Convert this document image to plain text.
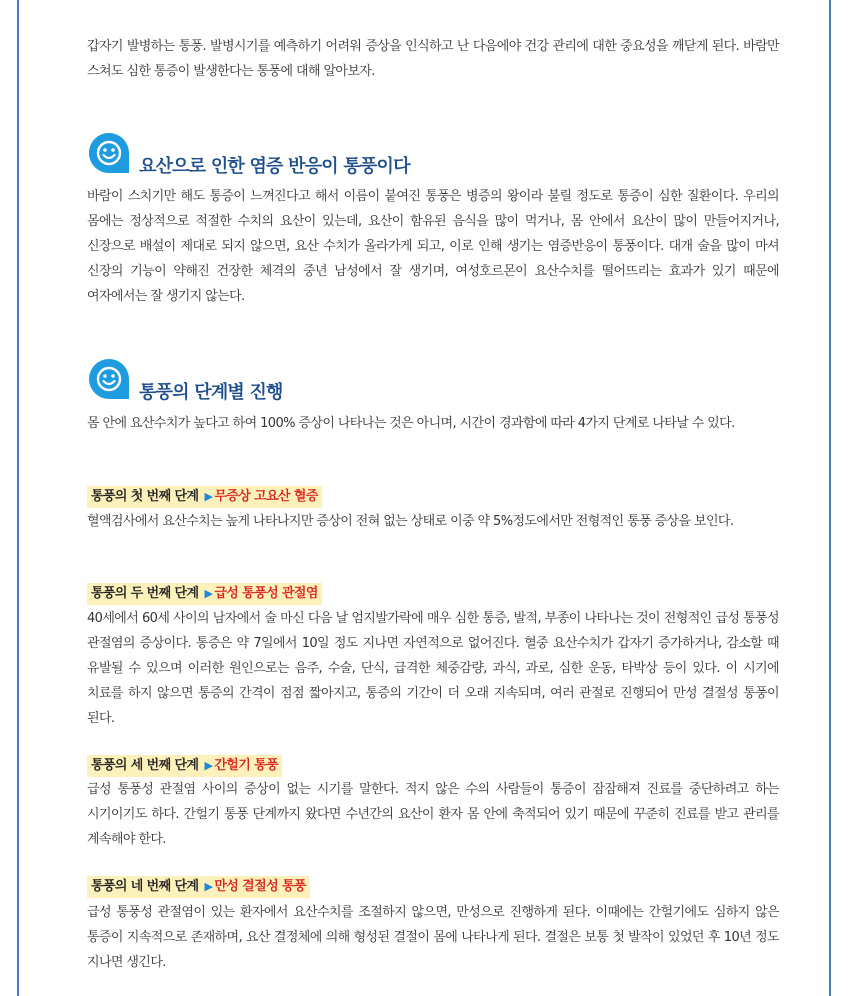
갑자기 발병하는 통풍. 발병시기를 예측하기 어려워 증상을 인식하고 난 다음에야 건강 관리에 대한 중요성을 깨닫게 된다. 바람만 스쳐도 심한 통증이 발생한다는 통풍에 대해 알아보자.

요산으로 인한 염증 반응이 통풍이다

바람이 스치기만 해도 통증이 느껴진다고 해서 이름이 붙여진 통풍은 병증의 왕이라 불릴 정도로 통증이 심한 질환이다. 우리의 몸에는 정상적으로 적절한 수치의 요산이 있는데, 요산이 함유된 음식을 많이 먹거나, 몸 안에서 요산이 많이 만들어지거나, 신장으로 배설이 제대로 되지 않으면, 요산 수치가 올라가게 되고, 이로 인해 생기는 염증반응이 통풍이다. 대개 술을 많이 마셔 신장의 기능이 약해진 건장한 체격의 중년 남성에서 잘 생기며, 여성호르몬이 요산수치를 떨어뜨리는 효과가 있기 때문에 여자에서는 잘 생기지 않는다.

통풍의 단계별 진행

몸 안에 요산수치가 높다고 하여 100% 증상이 나타나는 것은 아니며, 시간이 경과함에 따라 4가지 단계로 나타날 수 있다.

통풍의 첫 번째 단계 ▶ 무증상 고요산 혈증

혈액검사에서 요산수치는 높게 나타나지만 증상이 전혀 없는 상태로 이중 약 5%정도에서만 전형적인 통풍 증상을 보인다.

통풍의 두 번째 단계 ▶ 급성 통풍성 관절염

40세에서 60세 사이의 남자에서 술 마신 다음 날 엄지발가락에 매우 심한 통증, 발적, 부종이 나타나는 것이 전형적인 급성 통풍성 관절염의 증상이다. 통증은 약 7일에서 10일 정도 지나면 자연적으로 없어진다. 혈중 요산수치가 갑자기 증가하거나, 감소할 때 유발될 수 있으며 이러한 원인으로는 음주, 수술, 단식, 급격한 체중감량, 과식, 과로, 심한 운동, 타박상 등이 있다. 이 시기에 치료를 하지 않으면 통증의 간격이 점점 짧아지고, 통증의 기간이 더 오래 지속되며, 여러 관절로 진행되어 만성 결절성 통풍이 된다.

통풍의 세 번째 단계 ▶ 간헐기 통풍

급성 통풍성 관절염 사이의 증상이 없는 시기를 말한다. 적지 않은 수의 사람들이 통증이 잠잠해져 진료를 중단하려고 하는 시기이기도 하다. 간헐기 통풍 단계까지 왔다면 수년간의 요산이 환자 몸 안에 축적되어 있기 때문에 꾸준히 진료를 받고 관리를 계속해야 한다.

통풍의 네 번째 단계 ▶ 만성 결절성 통풍

급성 통풍성 관절염이 있는 환자에서 요산수치를 조절하지 않으면, 만성으로 진행하게 된다. 이때에는 간헐기에도 심하지 않은 통증이 지속적으로 존재하며, 요산 결정체에 의해 형성된 결절이 몸에 나타나게 된다. 결절은 보통 첫 발작이 있었던 후 10년 정도 지나면 생긴다.
